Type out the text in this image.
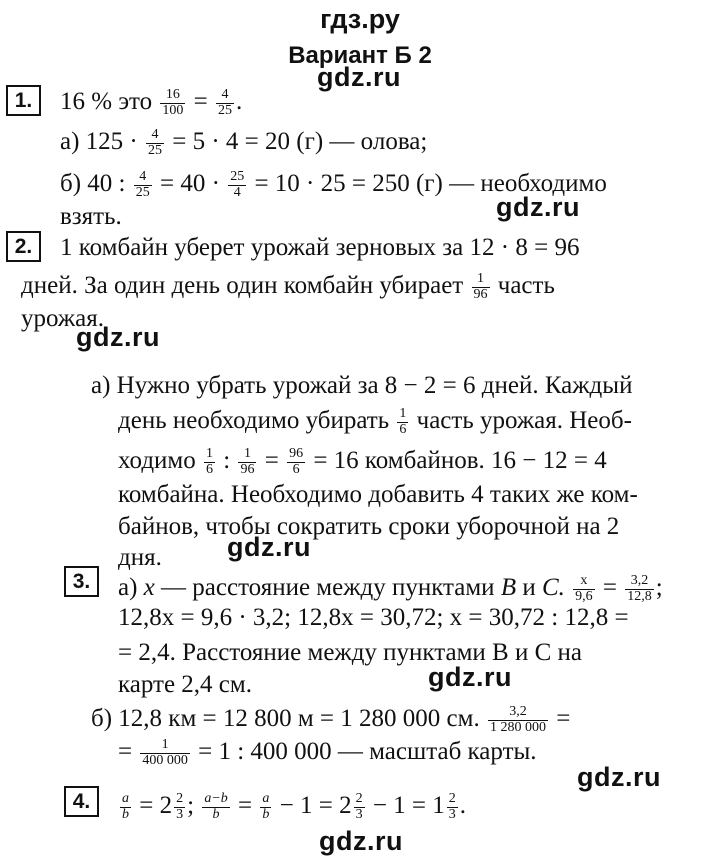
гдз.ру
Вариант Б 2
gdz.ru
gdz.ru
gdz.ru
gdz.ru
gdz.ru
gdz.ru
gdz.ru
1.	16 % это $\frac{16}{100} = \frac{4}{25}$ .
а) $125 \cdot \frac{4}{25} = 5 \cdot 4 = 20$ (г) — олова;
б) 40 : $\frac{4}{25} = 40 \cdot \frac{25}{4} = 10 \cdot 25 = 250$ (г) — необходимо
взять.
2.	1 комбайн уберет урожай зерновых за 12 · 8 = 96
дней. За один день один комбайн убирает $\frac{1}{96}$ часть
урожая.
а) Нужно убрать урожай за 8 − 2 = 6 дней. Каждый
день необходимо убирать $\frac{1}{6}$ часть урожая. Необ-
ходимо $\frac{1}{6}$ : $\frac{1}{96} = \frac{96}{6} = 16$ комбайнов. 16 − 12 = 4
комбайна. Необходимо добавить 4 таких же ком-
байнов, чтобы сократить сроки уборочной на 2
дня.
3.	а) x — расстояние между пунктами B и C. $\frac{x}{9,6} = \frac{3,2}{12,8}$ ;
12,8x = 9,6 · 3,2; 12,8x = 30,72; x = 30,72 : 12,8 =
= 2,4. Расстояние между пунктами B и C на
карте 2,4 см.
б) 12,8 км = 12 800 м = 1 280 000 см. $\frac{3,2}{1 280 000}$ =
= $\frac{1}{400 000} = 1$ : 400 000 — масштаб карты.
4.	$\frac{a}{b} = 2 \frac{2}{3}$ ; $\frac{a-b}{b} = \frac{a}{b} - 1 = 2 \frac{2}{3} - 1 = 1 \frac{2}{3}$ .
